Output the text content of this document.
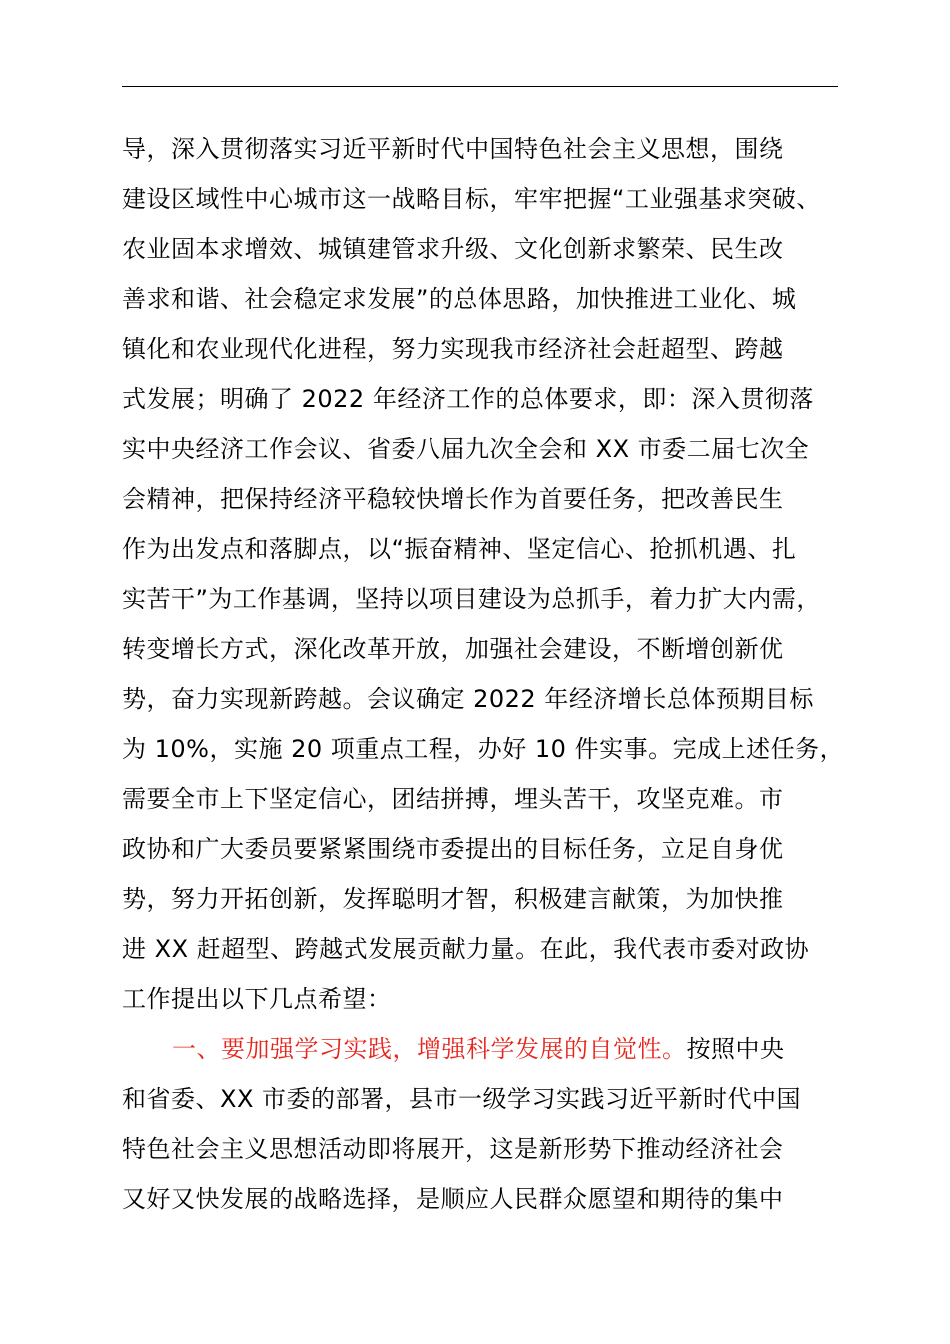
导，深入贯彻落实习近平新时代中国特色社会主义思想，围绕
建设区域性中心城市这一战略目标，牢牢把握“工业强基求突破、
农业固本求增效、城镇建管求升级、文化创新求繁荣、民生改
善求和谐、社会稳定求发展”的总体思路，加快推进工业化、城
镇化和农业现代化进程，努力实现我市经济社会赶超型、跨越
式发展；明确了 2022 年经济工作的总体要求，即：深入贯彻落
实中央经济工作会议、省委八届九次全会和 XX 市委二届七次全
会精神，把保持经济平稳较快增长作为首要任务，把改善民生
作为出发点和落脚点，以“振奋精神、坚定信心、抢抓机遇、扎
实苦干”为工作基调，坚持以项目建设为总抓手，着力扩大内需，
转变增长方式，深化改革开放，加强社会建设，不断增创新优
势，奋力实现新跨越。会议确定 2022 年经济增长总体预期目标
为 10%，实施 20 项重点工程，办好 10 件实事。完成上述任务，
需要全市上下坚定信心，团结拼搏，埋头苦干，攻坚克难。市
政协和广大委员要紧紧围绕市委提出的目标任务，立足自身优
势，努力开拓创新，发挥聪明才智，积极建言献策，为加快推
进 XX 赶超型、跨越式发展贡献力量。在此，我代表市委对政协
工作提出以下几点希望：
一、要加强学习实践，增强科学发展的自觉性。按照中央
和省委、XX 市委的部署，县市一级学习实践习近平新时代中国
特色社会主义思想活动即将展开，这是新形势下推动经济社会
又好又快发展的战略选择，是顺应人民群众愿望和期待的集中
